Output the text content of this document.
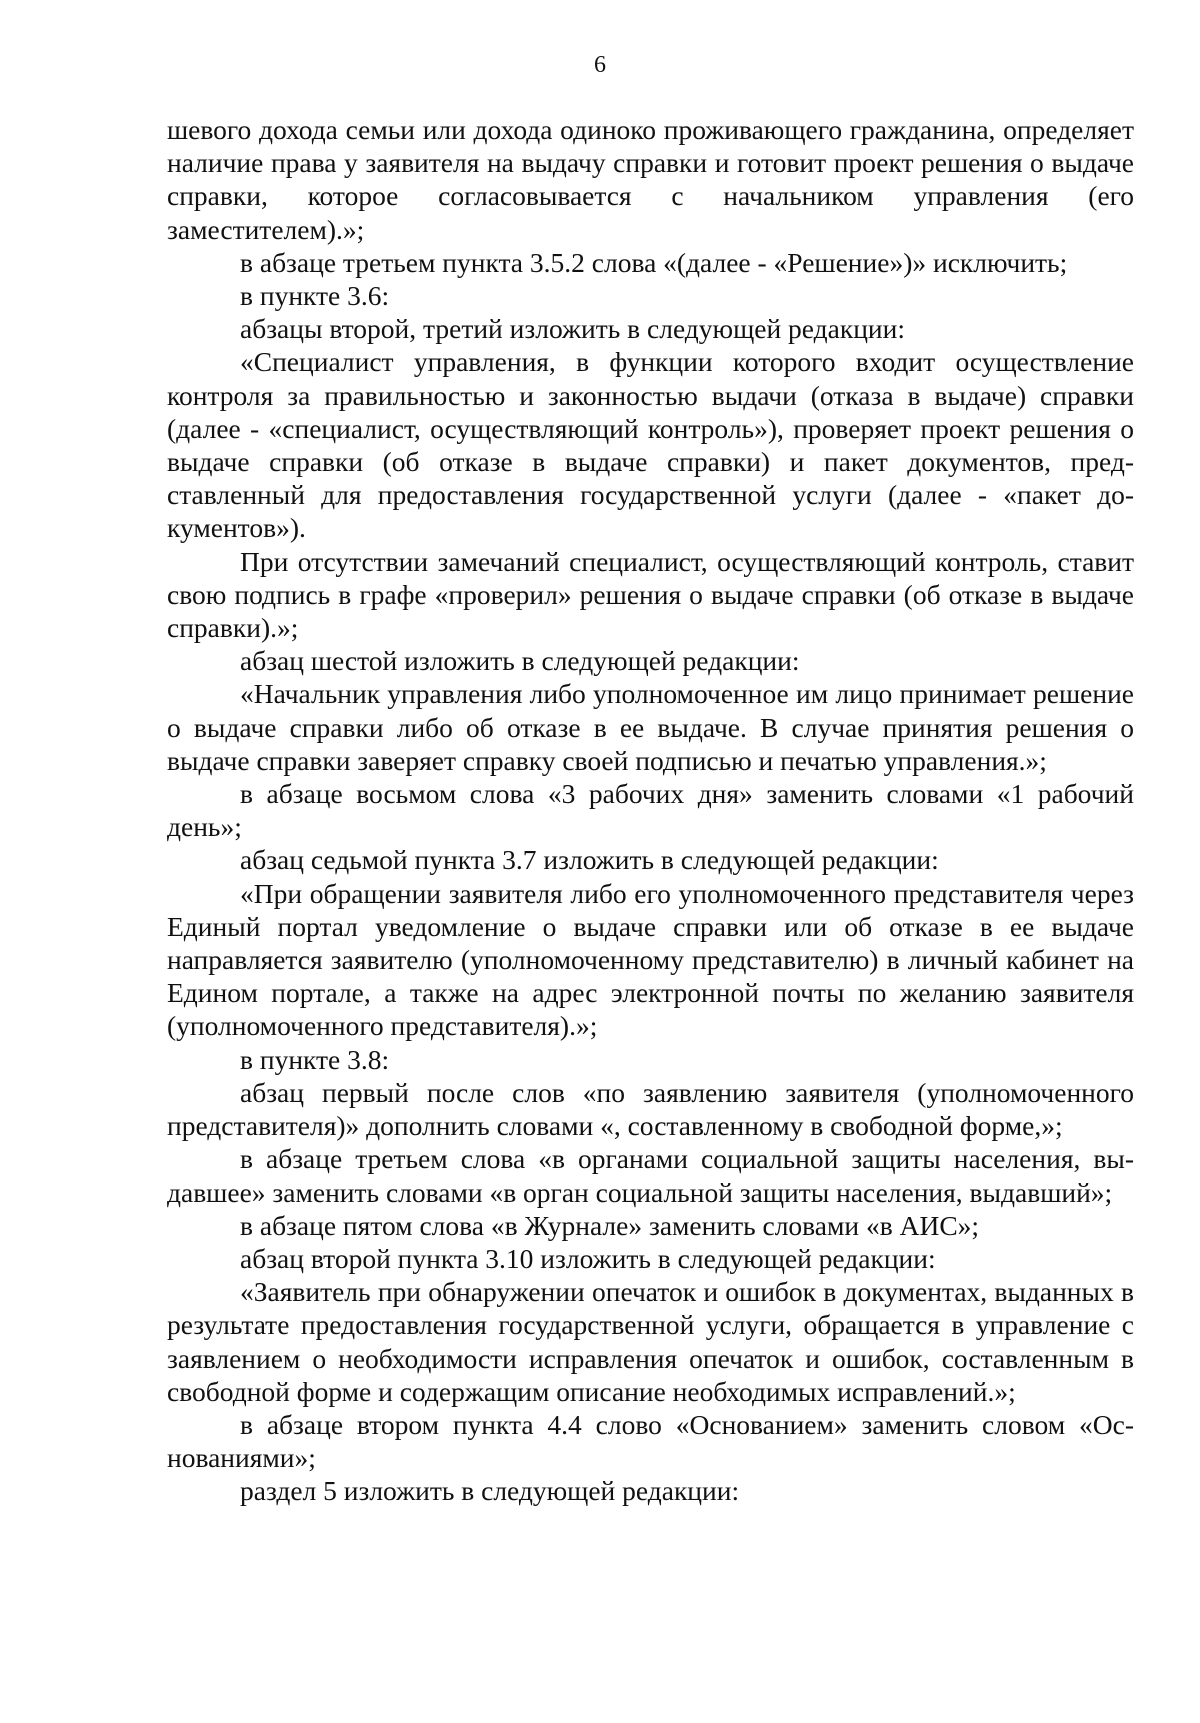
6

шевого дохода семьи или дохода одиноко проживающего гражданина, определяет наличие права у заявителя на выдачу справки и готовит проект решения о выдаче справки, которое согласовывается с начальником управления (его заместителем).»;

в абзаце третьем пункта 3.5.2 слова «(далее - «Решение»)» исключить;

в пункте 3.6:

абзацы второй, третий изложить в следующей редакции:

«Специалист управления, в функции которого входит осуществление контроля за правильностью и законностью выдачи (отказа в выдаче) справки (далее - «специалист, осуществляющий контроль»), проверяет проект решения о выдаче справки (об отказе в выдаче справки) и пакет документов, представленный для предоставления государственной услуги (далее - «пакет документов»).

При отсутствии замечаний специалист, осуществляющий контроль, ставит свою подпись в графе «проверил» решения о выдаче справки (об отказе в выдаче справки).»;

абзац шестой изложить в следующей редакции:

«Начальник управления либо уполномоченное им лицо принимает решение о выдаче справки либо об отказе в ее выдаче. В случае принятия решения о выдаче справки заверяет справку своей подписью и печатью управления.»;

в абзаце восьмом слова «3 рабочих дня» заменить словами «1 рабочий день»;

абзац седьмой пункта 3.7 изложить в следующей редакции:

«При обращении заявителя либо его уполномоченного представителя через Единый портал уведомление о выдаче справки или об отказе в ее выдаче направляется заявителю (уполномоченному представителю) в личный кабинет на Едином портале, а также на адрес электронной почты по желанию заявителя (уполномоченного представителя).»;

в пункте 3.8:

абзац первый после слов «по заявлению заявителя (уполномоченного представителя)» дополнить словами «, составленному в свободной форме,»;

в абзаце третьем слова «в органами социальной защиты населения, выдавшее» заменить словами «в орган социальной защиты населения, выдавший»;

в абзаце пятом слова «в Журнале» заменить словами «в АИС»;

абзац второй пункта 3.10 изложить в следующей редакции:

«Заявитель при обнаружении опечаток и ошибок в документах, выданных в результате предоставления государственной услуги, обращается в управление с заявлением о необходимости исправления опечаток и ошибок, составленным в свободной форме и содержащим описание необходимых исправлений.»;

в абзаце втором пункта 4.4 слово «Основанием» заменить словом «Основаниями»;

раздел 5 изложить в следующей редакции:
